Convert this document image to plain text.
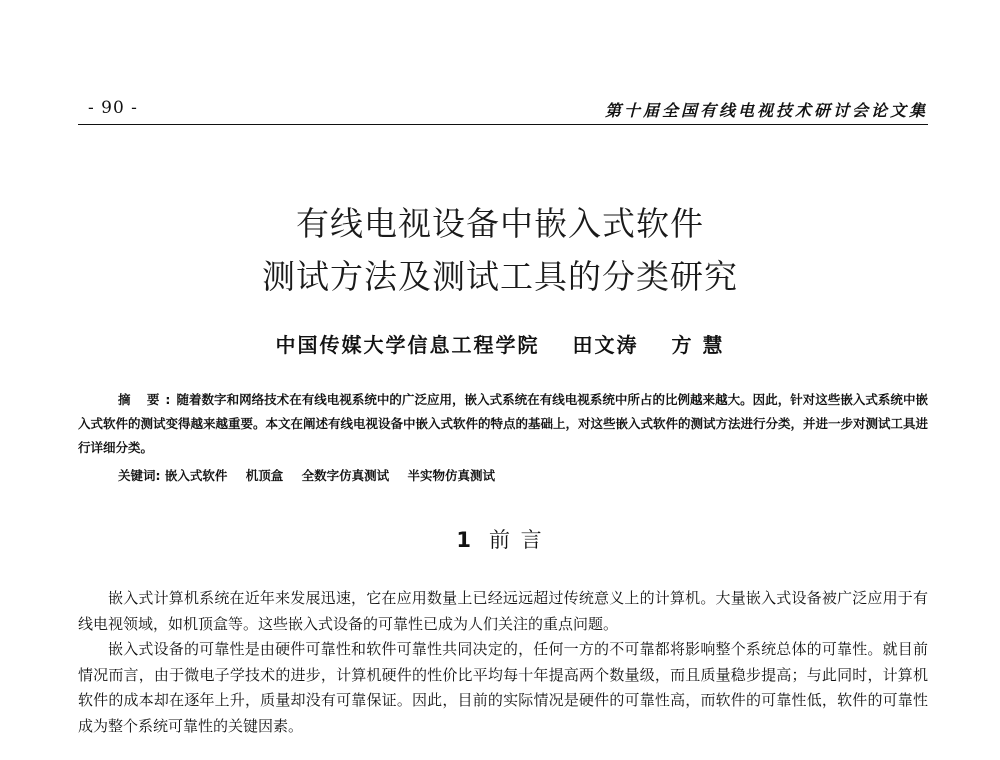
- 90 -	第十届全国有线电视技术研讨会论文集
有线电视设备中嵌入式软件
测试方法及测试工具的分类研究
中国传媒大学信息工程学院 田文涛 方 慧
摘 要:随着数字和网络技术在有线电视系统中的广泛应用，嵌入式系统在有线电视系统中所占的比例越来越大。因此，针对这些嵌入式系统中嵌入式软件的测试变得越来越重要。本文在阐述有线电视设备中嵌入式软件的特点的基础上，对这些嵌入式软件的测试方法进行分类，并进一步对测试工具进行详细分类。
关键词: 嵌入式软件 机顶盒 全数字仿真测试 半实物仿真测试
1 前 言

嵌入式计算机系统在近年来发展迅速，它在应用数量上已经远远超过传统意义上的计算机。大量嵌入式设备被广泛应用于有线电视领域，如机顶盒等。这些嵌入式设备的可靠性已成为人们关注的重点问题。

嵌入式设备的可靠性是由硬件可靠性和软件可靠性共同决定的，任何一方的不可靠都将影响整个系统总体的可靠性。就目前情况而言，由于微电子学技术的进步，计算机硬件的性价比平均每十年提高两个数量级，而且质量稳步提高；与此同时，计算机软件的成本却在逐年上升，质量却没有可靠保证。因此，目前的实际情况是硬件的可靠性高，而软件的可靠性低，软件的可靠性成为整个系统可靠性的关键因素。
